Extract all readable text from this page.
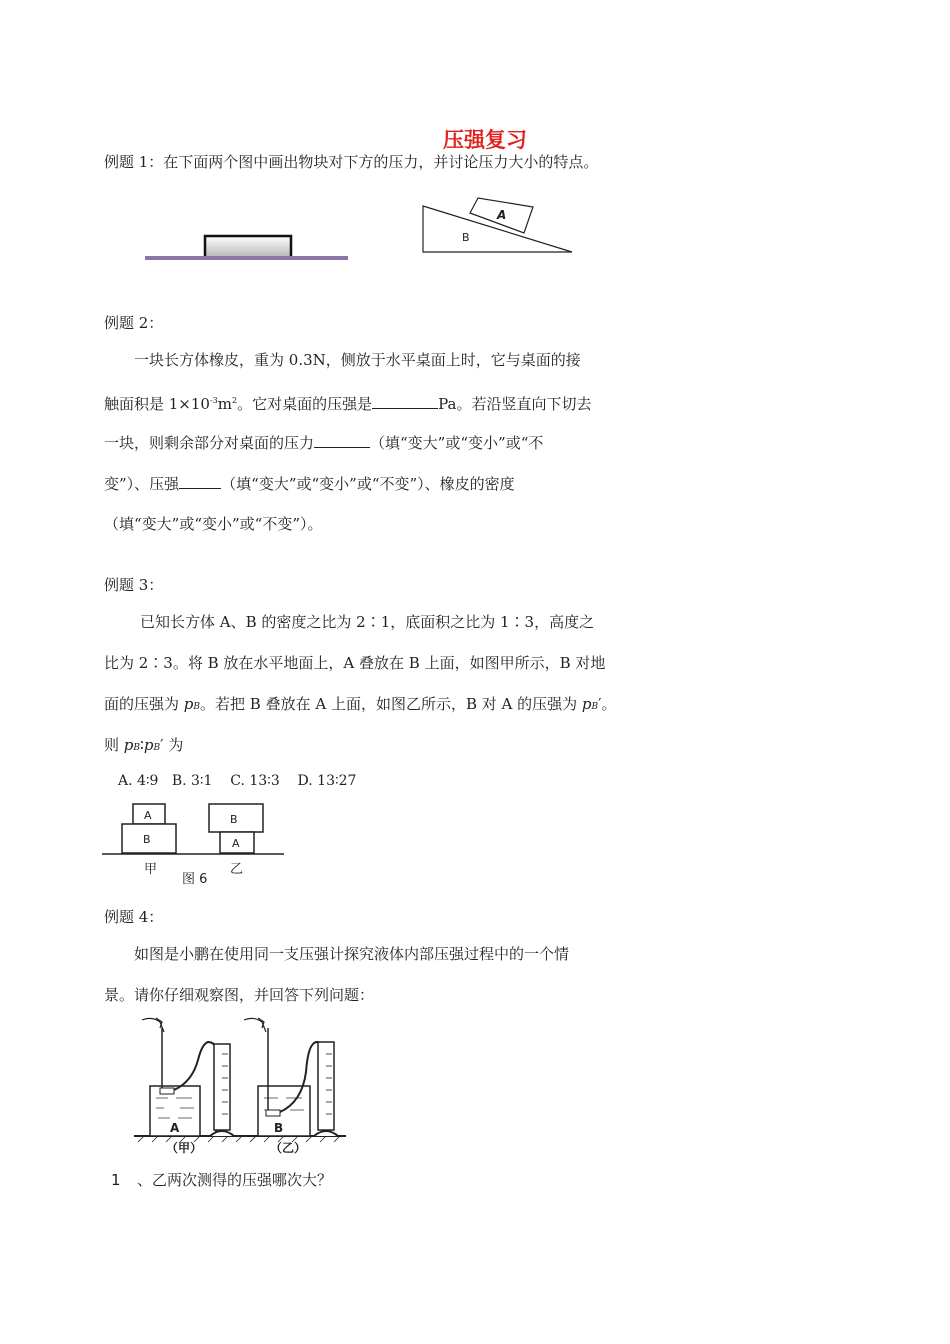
压强复习
例题 1：在下面两个图中画出物块对下方的压力，并讨论压力大小的特点。
A
B
例题 2：
一块长方体橡皮，重为 0.3N，侧放于水平桌面上时，它与桌面的接
触面积是 $1\times 10^{-3}m^2$。它对桌面的压强是	Pa。若沿竖直向下切去
一块，则剩余部分对桌面的压力	（填“变大”或“变小”或“不
变”）、压强	（填“变大”或“变小”或“不变”）、橡皮的密度
（填“变大”或“变小”或“不变”）。
例题 3：
已知长方体 A、B 的密度之比为 2∶1，底面积之比为 1∶3，高度之
比为 2∶3。将 B 放在水平地面上，A 叠放在 B 上面，如图甲所示，B 对地
面的压强为 pB。若把 B 叠放在 A 上面，如图乙所示，B 对 A 的压强为 pB′。
则 pB∶pB′ 为
A. 4∶9   B. 3∶1    C. 13∶3    D. 13∶27
A
B
B
A
甲	乙
图 6
例题 4：
如图是小鹏在使用同一支压强计探究液体内部压强过程中的一个情
景。请你仔细观察图，并回答下列问题：
A
（甲）
B
（乙）
1 、乙两次测得的压强哪次大？
